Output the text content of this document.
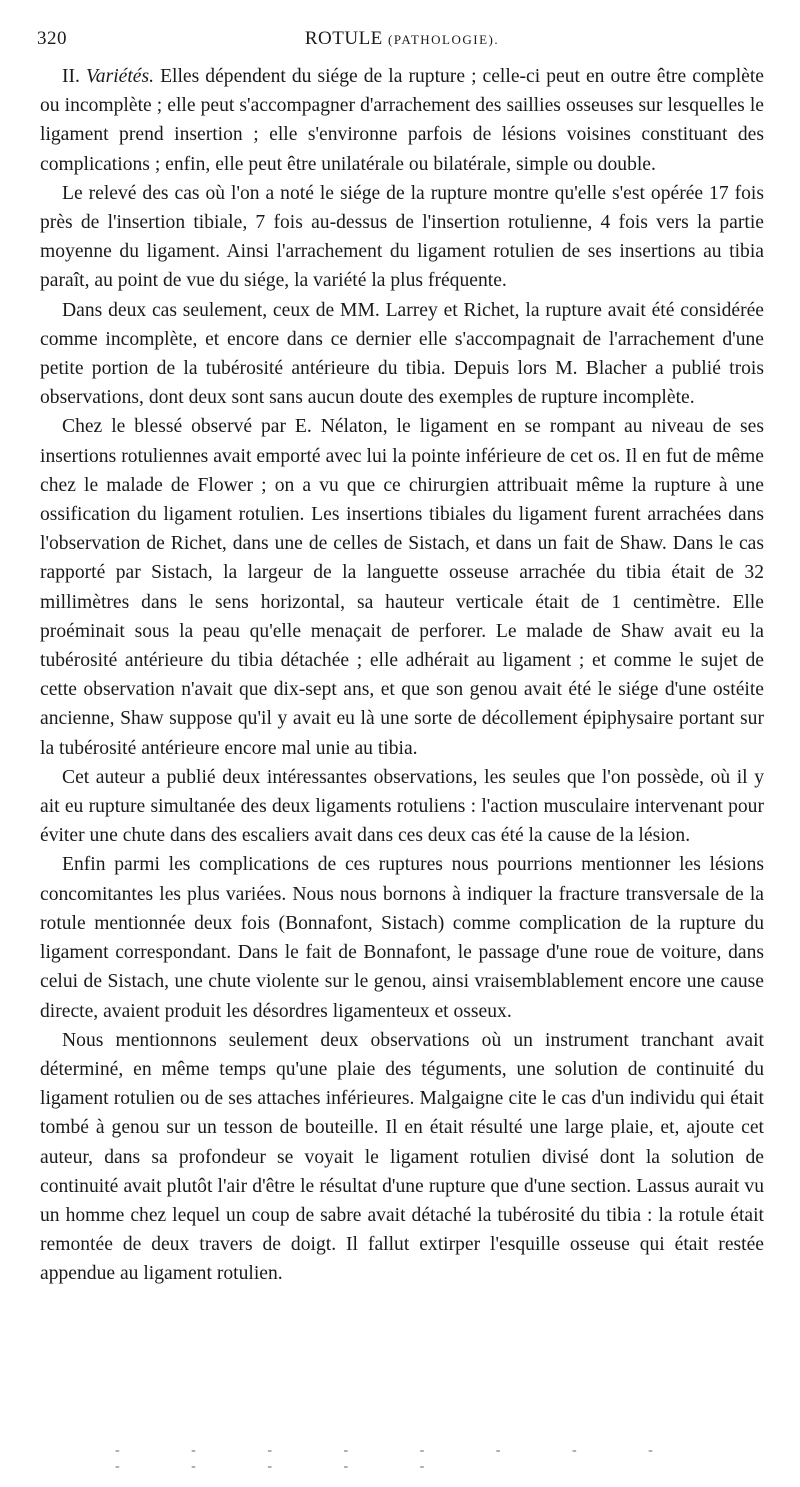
320	ROTULE (PATHOLOGIE).

II. Variétés. Elles dépendent du siége de la rupture ; celle-ci peut en outre être complète ou incomplète ; elle peut s'accompagner d'arrachement des saillies osseuses sur lesquelles le ligament prend insertion ; elle s'environne parfois de lésions voisines constituant des complications ; enfin, elle peut être unilatérale ou bilatérale, simple ou double.

Le relevé des cas où l'on a noté le siége de la rupture montre qu'elle s'est opérée 17 fois près de l'insertion tibiale, 7 fois au-dessus de l'insertion rotulienne, 4 fois vers la partie moyenne du ligament. Ainsi l'arrachement du ligament rotulien de ses insertions au tibia paraît, au point de vue du siége, la variété la plus fréquente.

Dans deux cas seulement, ceux de MM. Larrey et Richet, la rupture avait été considérée comme incomplète, et encore dans ce dernier elle s'accompagnait de l'arrachement d'une petite portion de la tubérosité antérieure du tibia. Depuis lors M. Blacher a publié trois observations, dont deux sont sans aucun doute des exemples de rupture incomplète.

Chez le blessé observé par E. Nélaton, le ligament en se rompant au niveau de ses insertions rotuliennes avait emporté avec lui la pointe inférieure de cet os. Il en fut de même chez le malade de Flower ; on a vu que ce chirurgien attribuait même la rupture à une ossification du ligament rotulien. Les insertions tibiales du ligament furent arrachées dans l'observation de Richet, dans une de celles de Sistach, et dans un fait de Shaw. Dans le cas rapporté par Sistach, la largeur de la languette osseuse arrachée du tibia était de 32 millimètres dans le sens horizontal, sa hauteur verticale était de 1 centimètre. Elle proéminait sous la peau qu'elle menaçait de perforer. Le malade de Shaw avait eu la tubérosité antérieure du tibia détachée ; elle adhérait au ligament ; et comme le sujet de cette observation n'avait que dix-sept ans, et que son genou avait été le siége d'une ostéite ancienne, Shaw suppose qu'il y avait eu là une sorte de décollement épiphysaire portant sur la tubérosité antérieure encore mal unie au tibia.

Cet auteur a publié deux intéressantes observations, les seules que l'on possède, où il y ait eu rupture simultanée des deux ligaments rotuliens : l'action musculaire intervenant pour éviter une chute dans des escaliers avait dans ces deux cas été la cause de la lésion.

Enfin parmi les complications de ces ruptures nous pourrions mentionner les lésions concomitantes les plus variées. Nous nous bornons à indiquer la fracture transversale de la rotule mentionnée deux fois (Bonnafont, Sistach) comme complication de la rupture du ligament correspondant. Dans le fait de Bonnafont, le passage d'une roue de voiture, dans celui de Sistach, une chute violente sur le genou, ainsi vraisemblablement encore une cause directe, avaient produit les désordres ligamenteux et osseux.

Nous mentionnons seulement deux observations où un instrument tranchant avait déterminé, en même temps qu'une plaie des téguments, une solution de continuité du ligament rotulien ou de ses attaches inférieures. Malgaigne cite le cas d'un individu qui était tombé à genou sur un tesson de bouteille. Il en était résulté une large plaie, et, ajoute cet auteur, dans sa profondeur se voyait le ligament rotulien divisé dont la solution de continuité avait plutôt l'air d'être le résultat d'une rupture que d'une section. Lassus aurait vu un homme chez lequel un coup de sabre avait détaché la tubérosité du tibia : la rotule était remontée de deux travers de doigt. Il fallut extirper l'esquille osseuse qui était restée appendue au ligament rotulien.

- - - - - - - - - - - - -
